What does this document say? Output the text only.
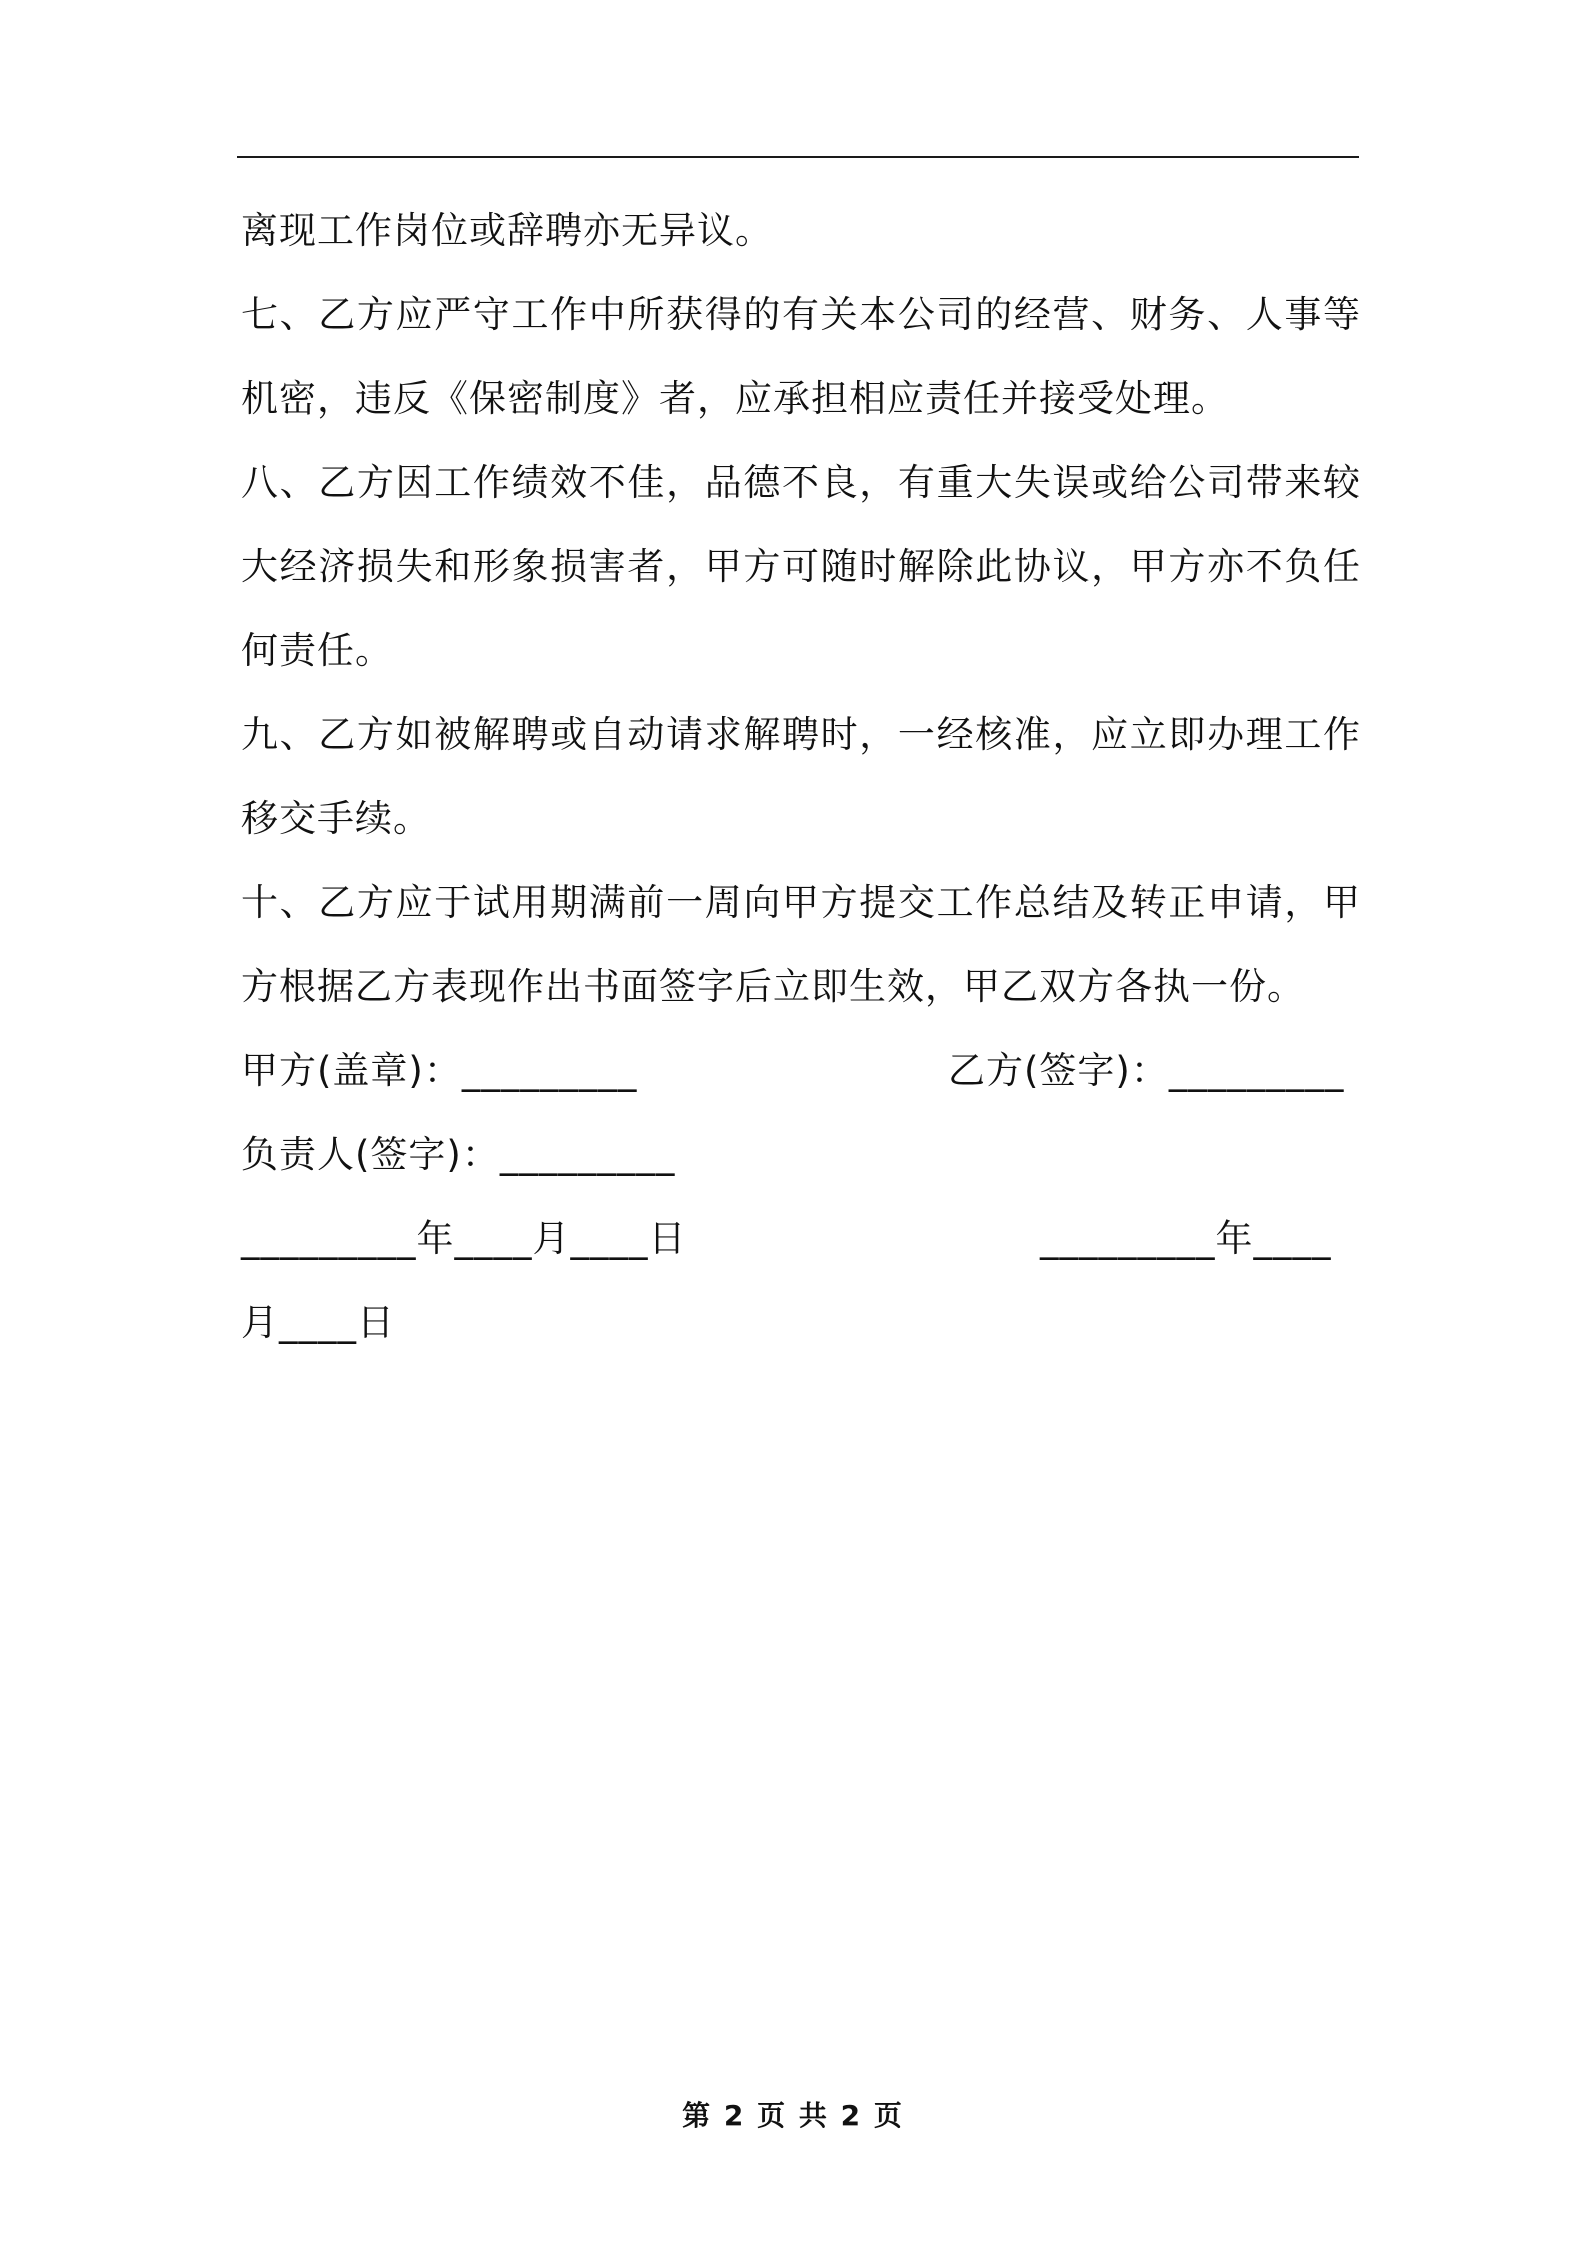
离现工作岗位或辞聘亦无异议。

七、乙方应严守工作中所获得的有关本公司的经营、财务、人事等机密，违反《保密制度》者，应承担相应责任并接受处理。

八、乙方因工作绩效不佳，品德不良，有重大失误或给公司带来较大经济损失和形象损害者，甲方可随时解除此协议，甲方亦不负任何责任。

九、乙方如被解聘或自动请求解聘时，一经核准，应立即办理工作移交手续。

十、乙方应于试用期满前一周向甲方提交工作总结及转正申请，甲方根据乙方表现作出书面签字后立即生效，甲乙双方各执一份。

甲方(盖章)：_________

	乙方(签字)：_________

负责人(签字)：_________

_________年____月____日

	_________年____

月____日

第 2 页 共 2 页
